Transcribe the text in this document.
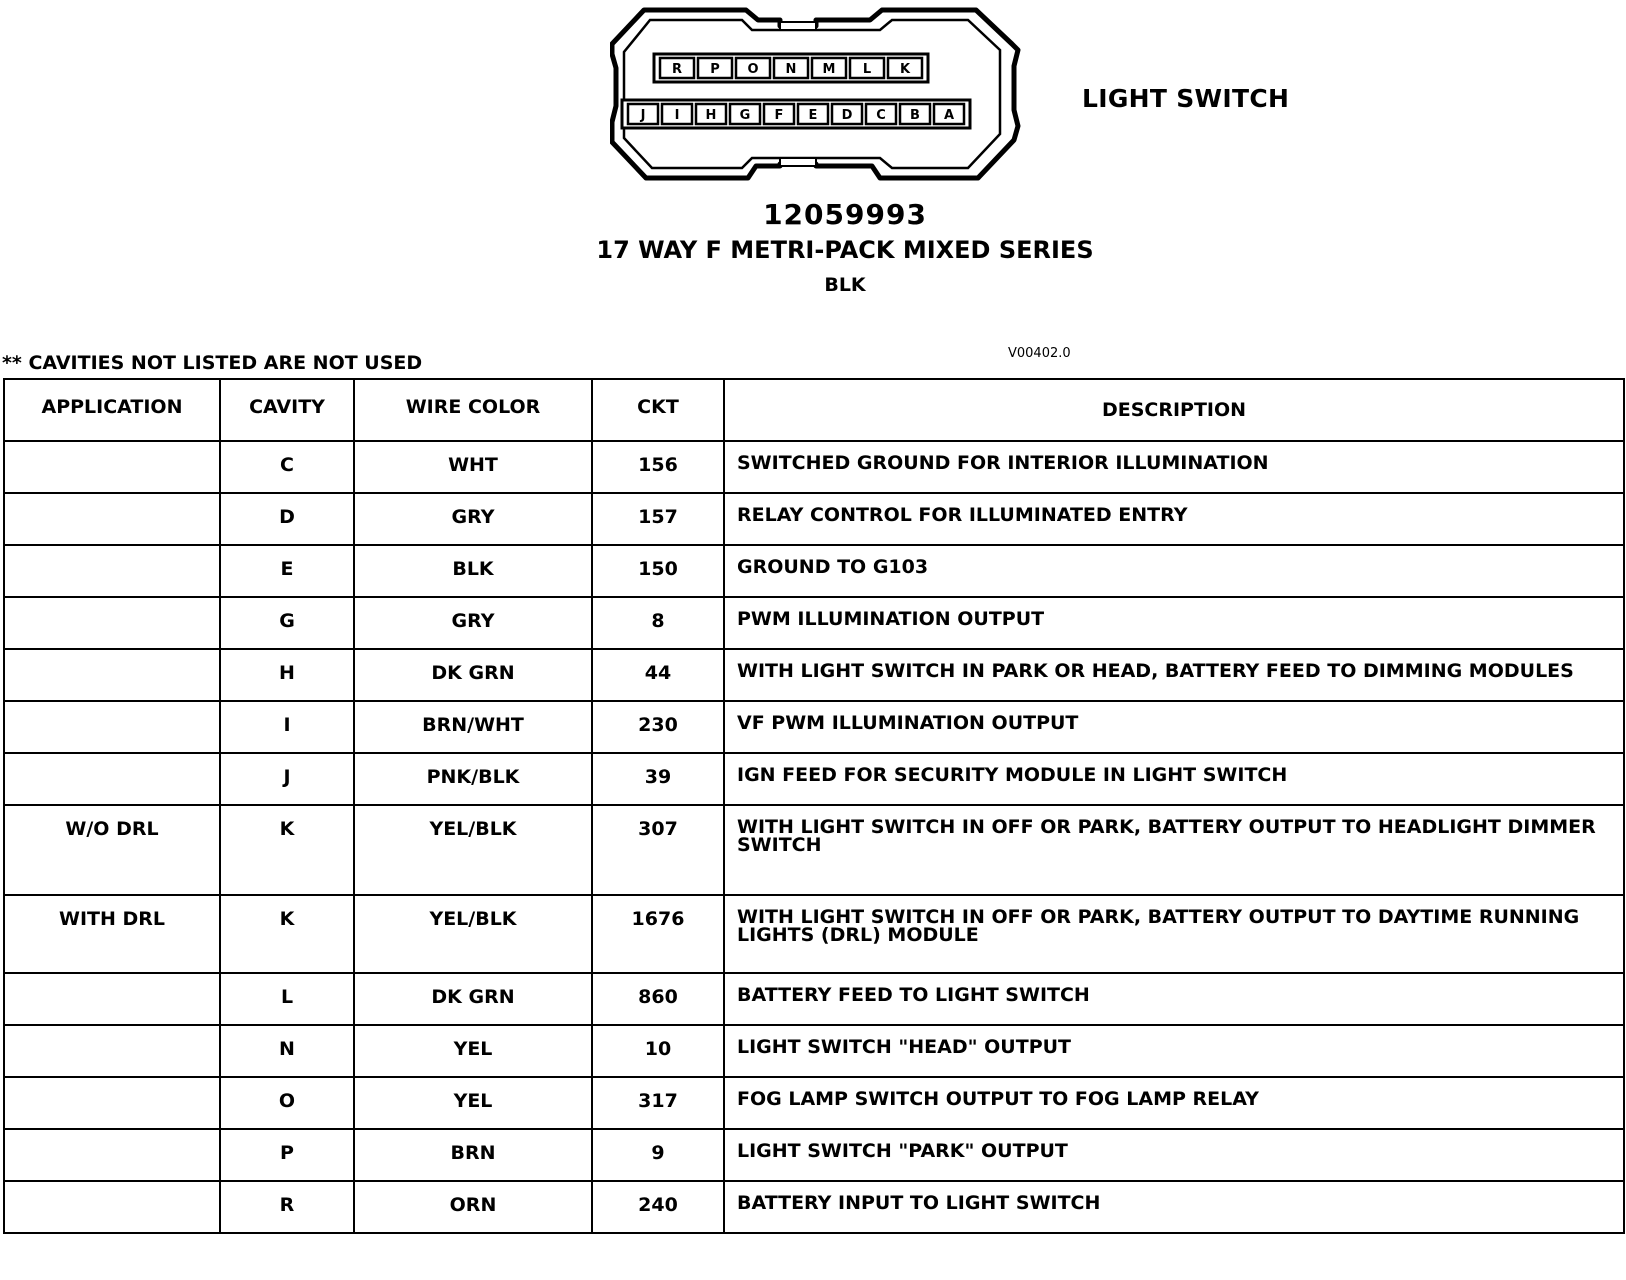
R P O N M L K
J I H G F E D C B A
LIGHT SWITCH
12059993
17 WAY F METRI-PACK MIXED SERIES
BLK
** CAVITIES NOT LISTED ARE NOT USED	V00402.0
APPLICATION	CAVITY	WIRE COLOR	CKT	DESCRIPTION
	C	WHT	156	SWITCHED GROUND FOR INTERIOR ILLUMINATION
	D	GRY	157	RELAY CONTROL FOR ILLUMINATED ENTRY
	E	BLK	150	GROUND TO G103
	G	GRY	8	PWM ILLUMINATION OUTPUT
	H	DK GRN	44	WITH LIGHT SWITCH IN PARK OR HEAD, BATTERY FEED TO DIMMING MODULES
	I	BRN/WHT	230	VF PWM ILLUMINATION OUTPUT
	J	PNK/BLK	39	IGN FEED FOR SECURITY MODULE IN LIGHT SWITCH
W/O DRL	K	YEL/BLK	307	WITH LIGHT SWITCH IN OFF OR PARK, BATTERY OUTPUT TO HEADLIGHT DIMMER SWITCH
WITH DRL	K	YEL/BLK	1676	WITH LIGHT SWITCH IN OFF OR PARK, BATTERY OUTPUT TO DAYTIME RUNNING LIGHTS (DRL) MODULE
	L	DK GRN	860	BATTERY FEED TO LIGHT SWITCH
	N	YEL	10	LIGHT SWITCH "HEAD" OUTPUT
	O	YEL	317	FOG LAMP SWITCH OUTPUT TO FOG LAMP RELAY
	P	BRN	9	LIGHT SWITCH "PARK" OUTPUT
	R	ORN	240	BATTERY INPUT TO LIGHT SWITCH
